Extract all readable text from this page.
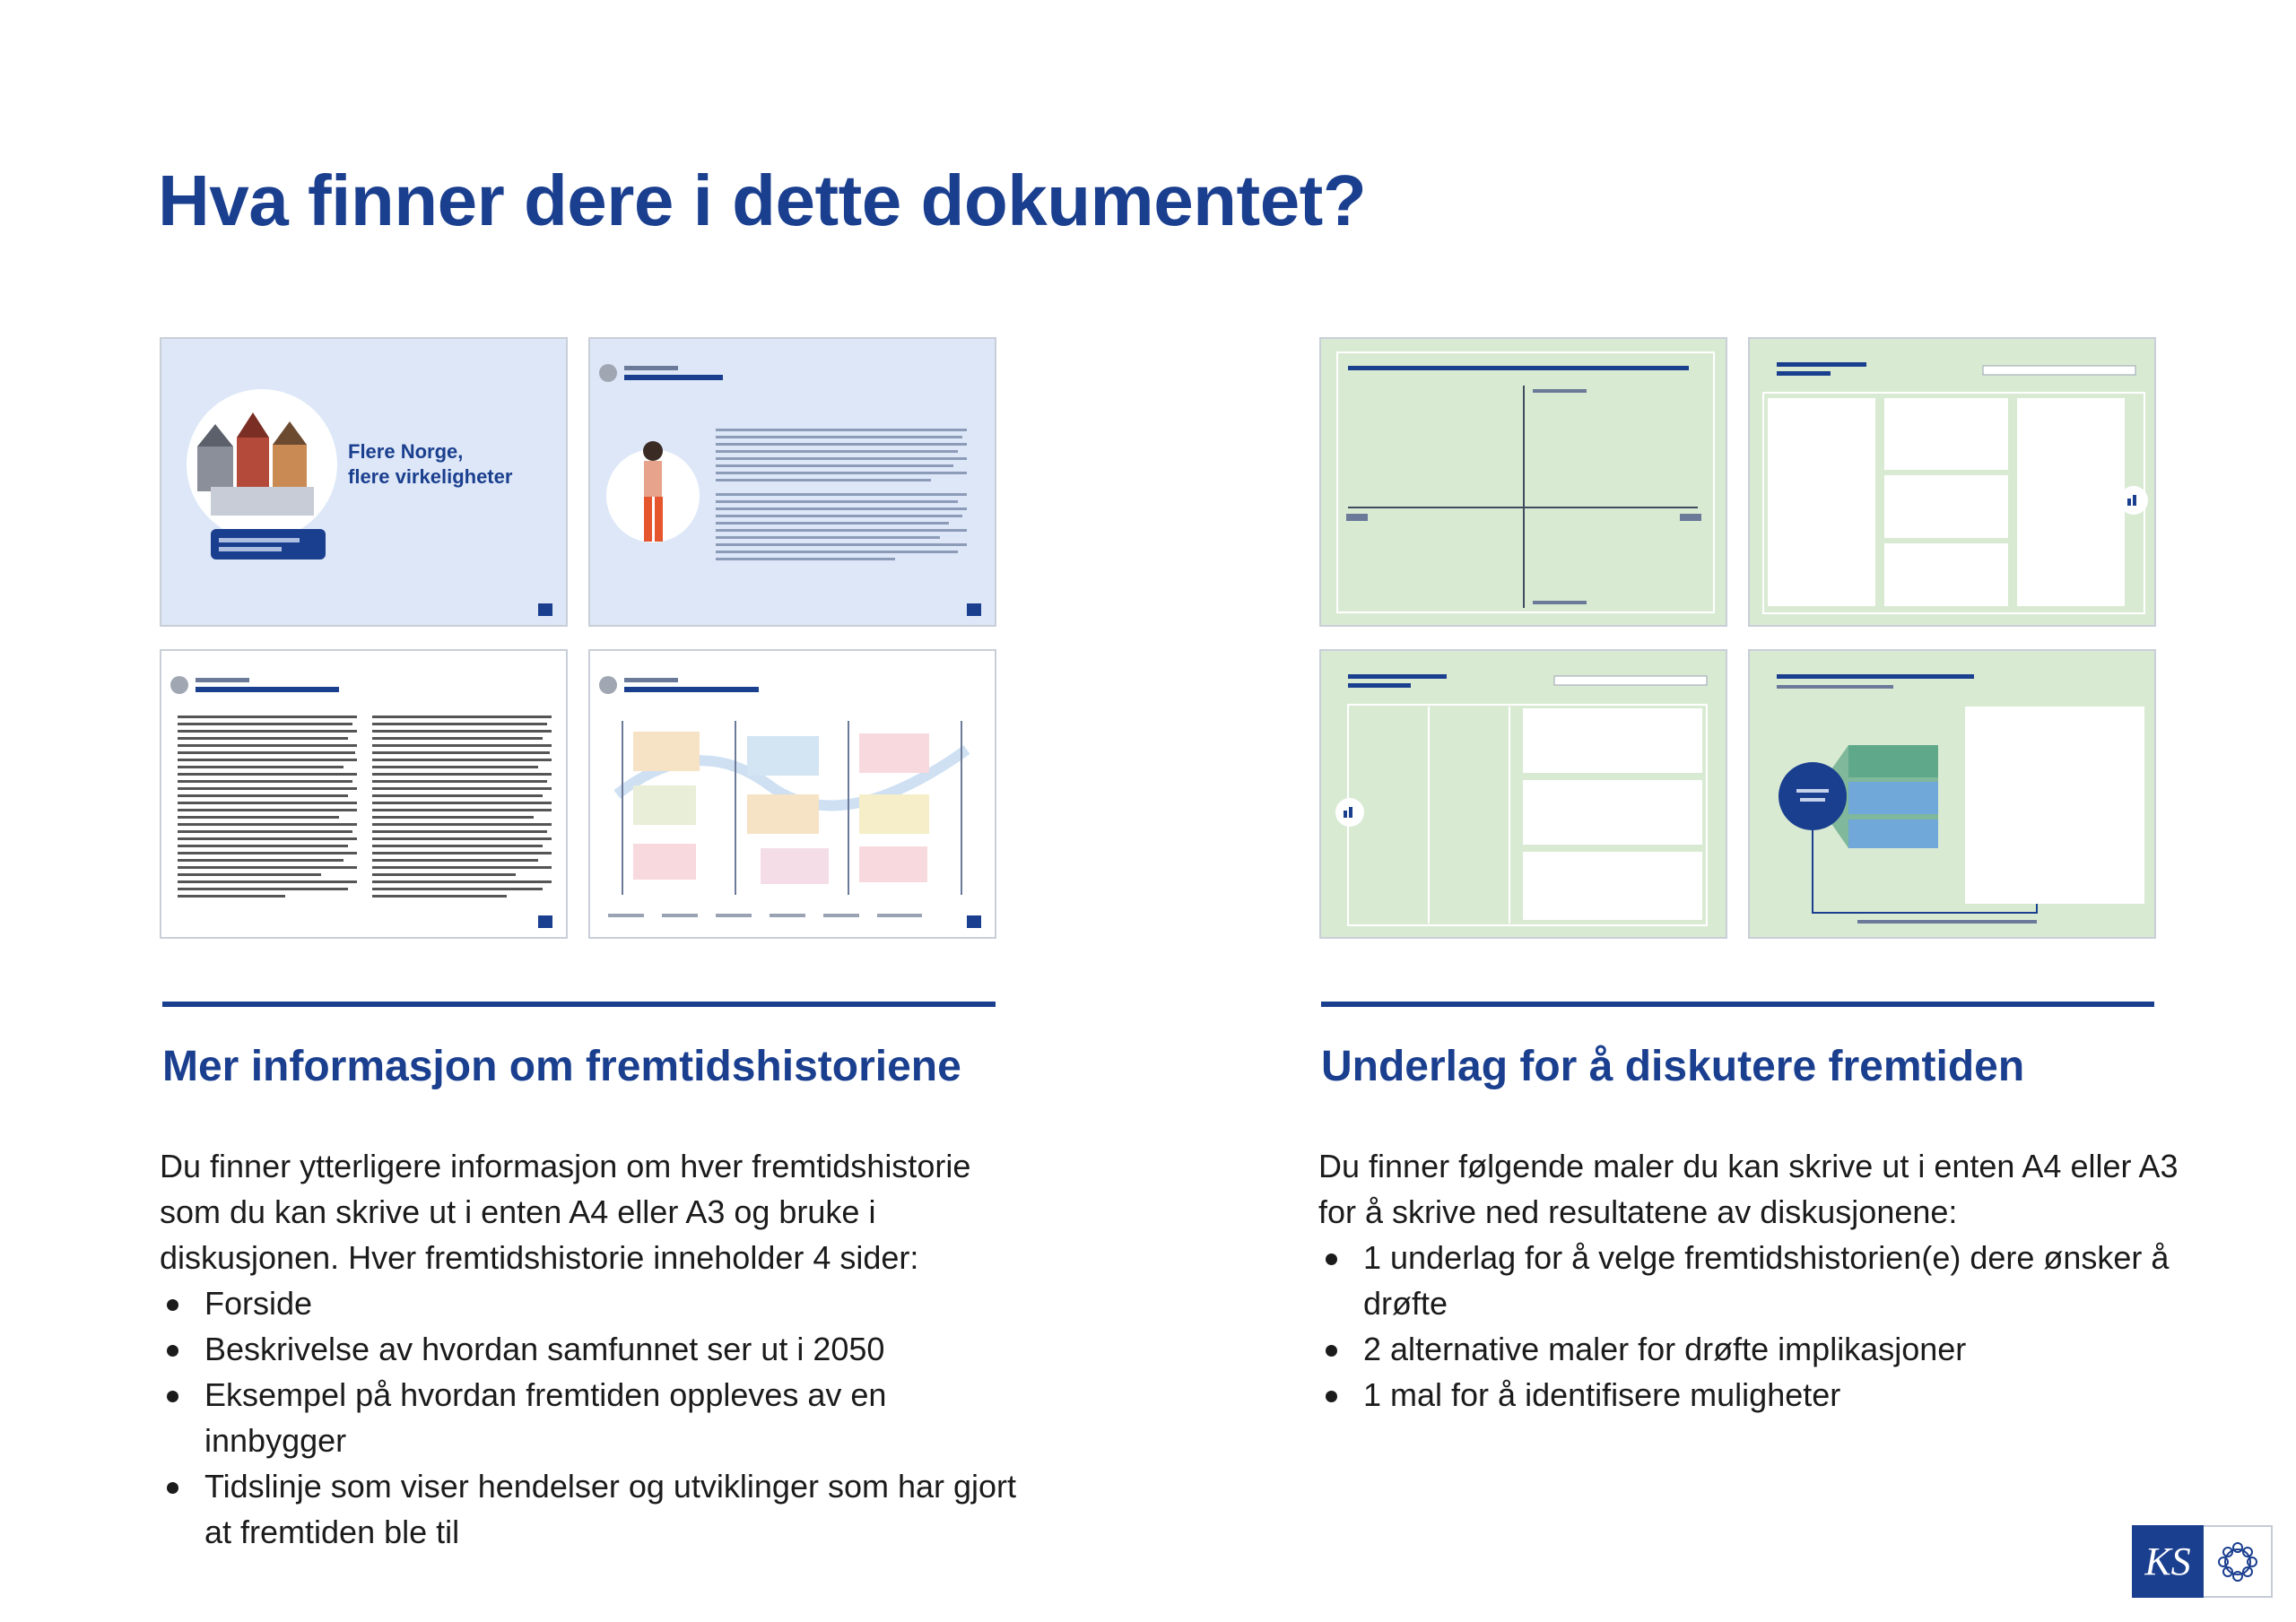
Hva finner dere i dette dokumentet?
Flere Norge,
flere virkeligheter
Mer informasjon om fremtidshistoriene

Du finner ytterligere informasjon om hver fremtidshistorie som du kan skrive ut i enten A4 eller A3 og bruke i diskusjonen. Hver fremtidshistorie inneholder 4 sider:

Forside
Beskrivelse av hvordan samfunnet ser ut i 2050
Eksempel på hvordan fremtiden oppleves av en innbygger
Tidslinje som viser hendelser og utviklinger som har gjort at fremtiden ble til
Underlag for å diskutere fremtiden

Du finner følgende maler du kan skrive ut i enten A4 eller A3 for å skrive ned resultatene av diskusjonene:

1 underlag for å velge fremtidshistorien(e) dere ønsker å drøfte
2 alternative maler for drøfte implikasjoner
1 mal for å identifisere muligheter
KS
